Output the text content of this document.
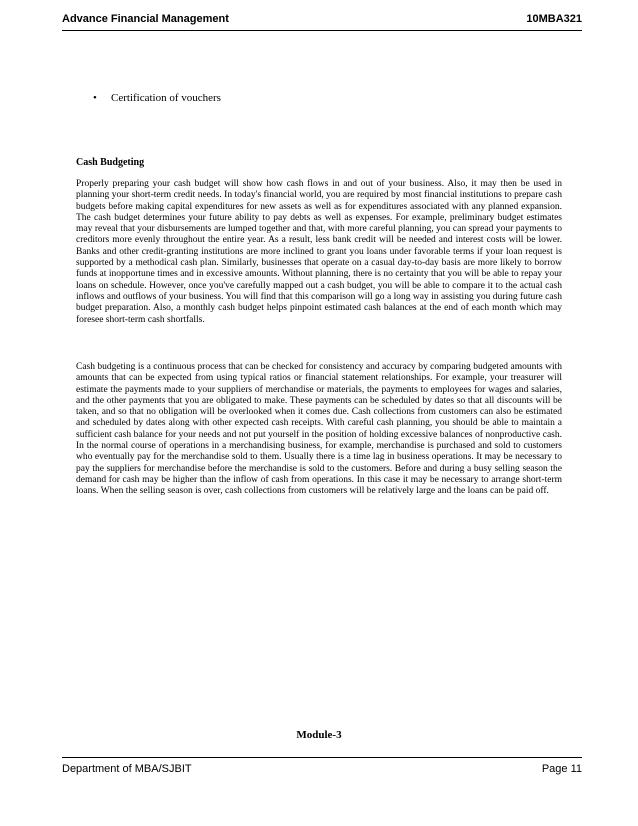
Advance Financial Management	10MBA321
• Certification of vouchers
Cash Budgeting

Properly preparing your cash budget will show how cash flows in and out of your business. Also, it may then be used in planning your short-term credit needs. In today's financial world, you are required by most financial institutions to prepare cash budgets before making capital expenditures for new assets as well as for expenditures associated with any planned expansion. The cash budget determines your future ability to pay debts as well as expenses. For example, preliminary budget estimates may reveal that your disbursements are lumped together and that, with more careful planning, you can spread your payments to creditors more evenly throughout the entire year. As a result, less bank credit will be needed and interest costs will be lower. Banks and other credit-granting institutions are more inclined to grant you loans under favorable terms if your loan request is supported by a methodical cash plan. Similarly, businesses that operate on a casual day-to-day basis are more likely to borrow funds at inopportune times and in excessive amounts. Without planning, there is no certainty that you will be able to repay your loans on schedule. However, once you've carefully mapped out a cash budget, you will be able to compare it to the actual cash inflows and outflows of your business. You will find that this comparison will go a long way in assisting you during future cash budget preparation. Also, a monthly cash budget helps pinpoint estimated cash balances at the end of each month which may foresee short-term cash shortfalls.

Cash budgeting is a continuous process that can be checked for consistency and accuracy by comparing budgeted amounts with amounts that can be expected from using typical ratios or financial statement relationships. For example, your treasurer will estimate the payments made to your suppliers of merchandise or materials, the payments to employees for wages and salaries, and the other payments that you are obligated to make. These payments can be scheduled by dates so that all discounts will be taken, and so that no obligation will be overlooked when it comes due. Cash collections from customers can also be estimated and scheduled by dates along with other expected cash receipts. With careful cash planning, you should be able to maintain a sufficient cash balance for your needs and not put yourself in the position of holding excessive balances of nonproductive cash. In the normal course of operations in a merchandising business, for example, merchandise is purchased and sold to customers who eventually pay for the merchandise sold to them. Usually there is a time lag in business operations. It may be necessary to pay the suppliers for merchandise before the merchandise is sold to the customers. Before and during a busy selling season the demand for cash may be higher than the inflow of cash from operations. In this case it may be necessary to arrange short-term loans. When the selling season is over, cash collections from customers will be relatively large and the loans can be paid off.

Module-3
Department of MBA/SJBIT	Page 11
